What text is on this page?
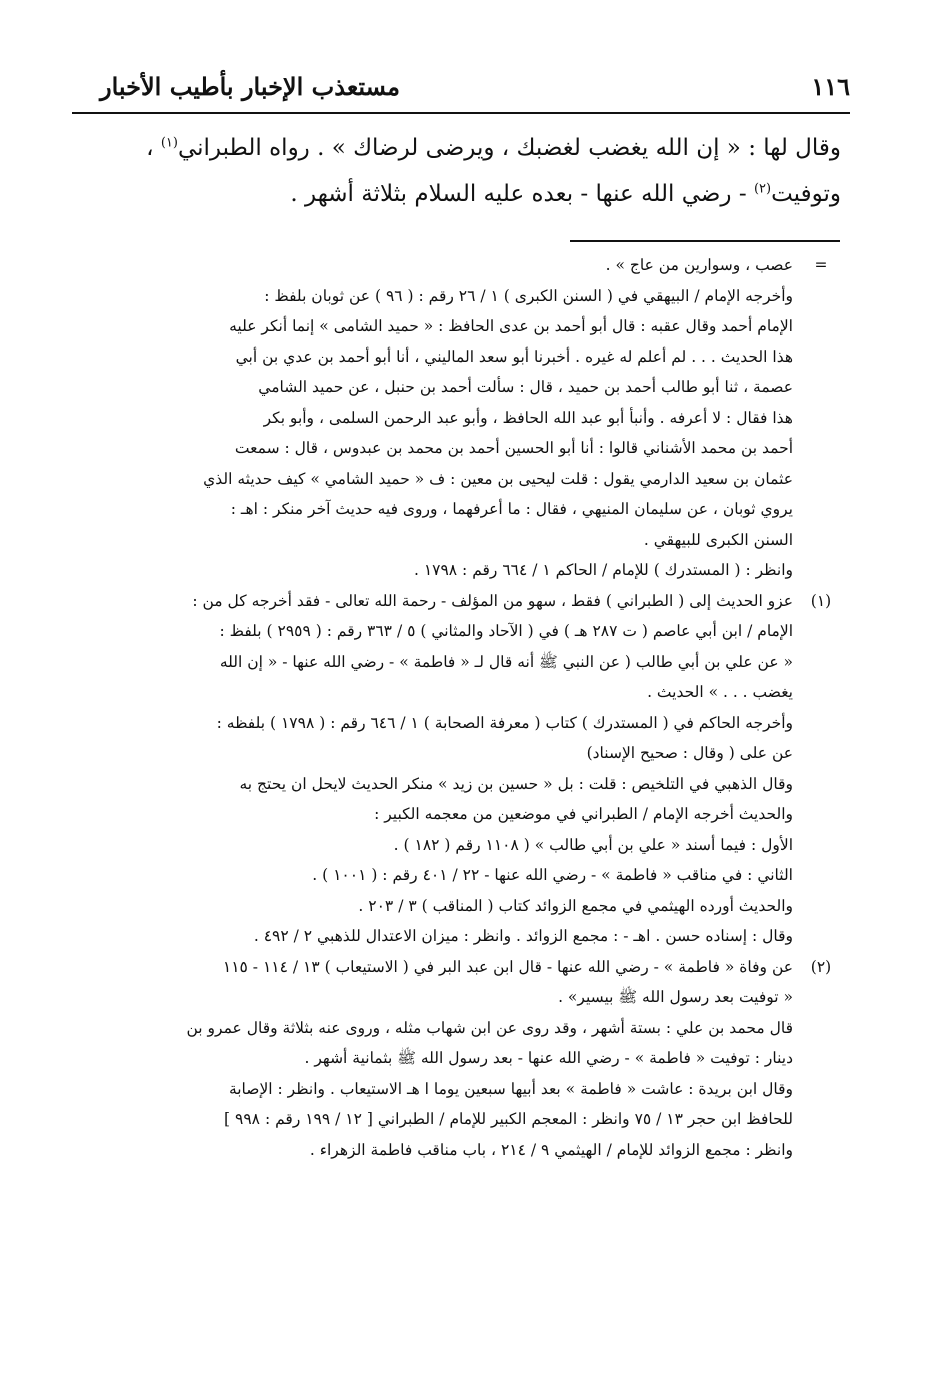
١١٦
مستعذب الإخبار بأطيب الأخبار
وقال لها : « إن الله يغضب لغضبك ، ويرضى لرضاك » . رواه الطبراني$^{(١)}$ ،
وتوفيت$^{(٢)}$ - رضي الله عنها - بعده عليه السلام بثلاثة أشهر .
=
عصب ، وسوارين من عاج » .
وأخرجه الإمام / البيهقي في ( السنن الكبرى ) ١ / ٢٦ رقم : ( ٩٦ ) عن ثوبان بلفظ :
الإمام أحمد وقال عقبه : قال أبو أحمد بن عدى الحافظ : « حميد الشامى » إنما أنكر عليه
هذا الحديث . . . لم أعلم له غيره . أخبرنا أبو سعد الماليني ، أنا أبو أحمد بن عدي بن أبي
عصمة ، ثنا أبو طالب أحمد بن حميد ، قال : سألت أحمد بن حنبل ، عن حميد الشامي
هذا فقال : لا أعرفه . وأنبأ أبو عبد الله الحافظ ، وأبو عبد الرحمن السلمى ، وأبو بكر
أحمد بن محمد الأشناني قالوا : أنا أبو الحسين أحمد بن محمد بن عبدوس ، قال : سمعت
عثمان بن سعيد الدارمي يقول : قلت ليحيى بن معين : ف « حميد الشامي » كيف حديثه الذي
يروي ثوبان ، عن سليمان المنيهي ، فقال : ما أعرفهما ، وروى فيه حديث آخر منكر : اهـ :
السنن الكبرى للبيهقي .
وانظر : ( المستدرك ) للإمام / الحاكم ١ / ٦٦٤ رقم : ١٧٩٨ .
(١)
عزو الحديث إلى ( الطبراني ) فقط ، سهو من المؤلف - رحمة الله تعالى - فقد أخرجه كل من :
الإمام / ابن أبي عاصم ( ت ٢٨٧ هـ ) في ( الآحاد والمثاني ) ٥ / ٣٦٣ رقم : ( ٢٩٥٩ ) بلفظ :
« عن علي بن أبي طالب ( عن النبي ﷺ أنه قال لـ « فاطمة » - رضي الله عنها - « إن الله
يغضب . . . » الحديث .
وأخرجه الحاكم في ( المستدرك ) كتاب ( معرفة الصحابة ) ١ / ٦٤٦ رقم : ( ١٧٩٨ ) بلفظه :
عن على ( وقال : صحيح الإسناد)
وقال الذهبي في التلخيص : قلت : بل « حسين بن زيد » منكر الحديث لايحل ان يحتج به
والحديث أخرجه الإمام / الطبراني في موضعين من معجمه الكبير :
الأول : فيما أسند « علي بن أبي طالب » ( ١١٠٨ رقم ( ١٨٢ ) .
الثاني : في مناقب « فاطمة » - رضي الله عنها - ٢٢ / ٤٠١ رقم : ( ١٠٠١ ) .
والحديث أورده الهيثمي في مجمع الزوائد كتاب ( المناقب ) ٣ / ٢٠٣ .
وقال : إسناده حسن . اهـ - : مجمع الزوائد . وانظر : ميزان الاعتدال للذهبي ٢ / ٤٩٢ .
(٢)
عن وفاة « فاطمة » - رضي الله عنها - قال ابن عبد البر في ( الاستيعاب ) ١٣ / ١١٤ - ١١٥
« توفيت بعد رسول الله ﷺ بيسير» .
قال محمد بن علي : بستة أشهر ، وقد روى عن ابن شهاب مثله ، وروى عنه بثلاثة وقال عمرو بن
دينار : توفيت « فاطمة » - رضي الله عنها - بعد رسول الله ﷺ بثمانية أشهر .
وقال ابن بريدة : عاشت « فاطمة » بعد أبيها سبعين يوما ا هـ الاستيعاب . وانظر : الإصابة
للحافظ ابن حجر ١٣ / ٧٥ وانظر : المعجم الكبير للإمام / الطبراني [ ١٢ / ١٩٩ رقم : ٩٩٨ ]
وانظر : مجمع الزوائد للإمام / الهيثمي ٩ / ٢١٤ ، باب مناقب فاطمة الزهراء .
